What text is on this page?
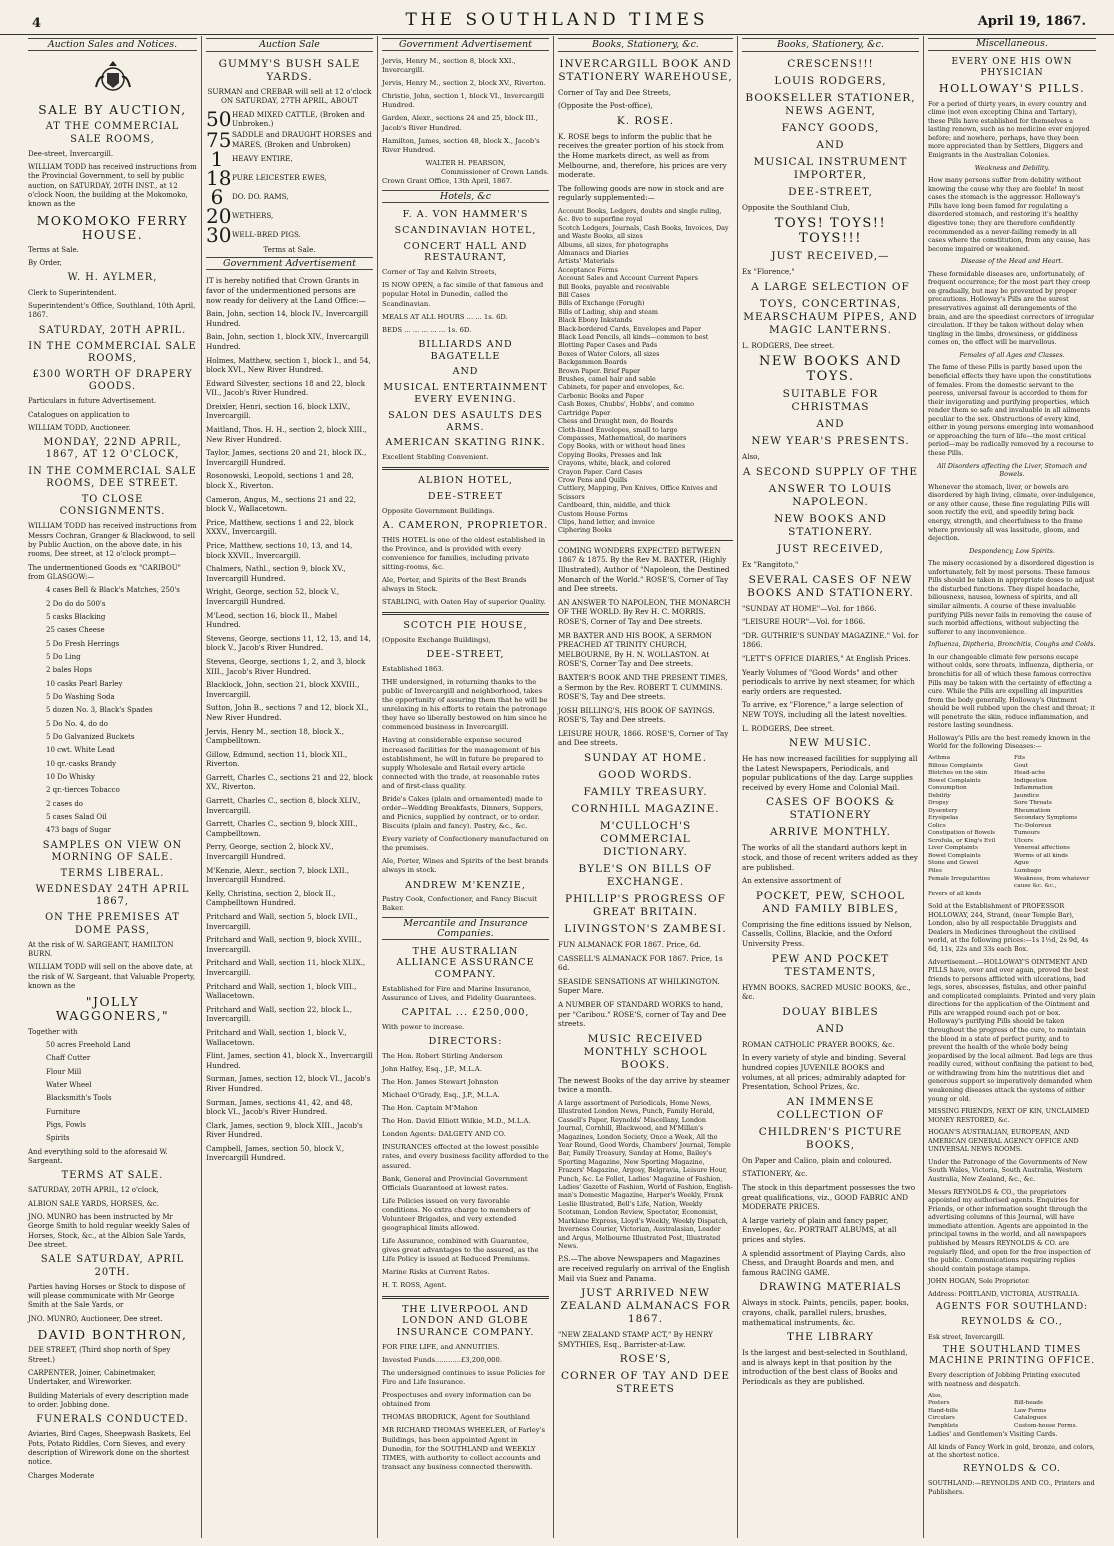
4	THE SOUTHLAND TIMES	April 19, 1867.
Auction Sales and Notices.
SALE BY AUCTION,
AT THE COMMERCIAL SALE ROOMS,
Dee-street, Invercargill.
WILLIAM TODD has received instructions from the Provincial Government, to sell by public auction, on SATURDAY, 20TH INST., at 12 o'clock Noon, the building at the Mokomoko, known as the
MOKOMOKO FERRY HOUSE.
Terms at Sale.
By Order,
W. H. AYLMER,
Clerk to Superintendent.
Superintendent's Office, Southland, 10th April, 1867.
SATURDAY, 20TH APRIL.
IN THE COMMERCIAL SALE ROOMS,
£300 WORTH OF DRAPERY GOODS.
Particulars in future Advertisement.
Catalogues on application to
WILLIAM TODD, Auctioneer.
MONDAY, 22ND APRIL, 1867, AT 12 O'CLOCK,
IN THE COMMERCIAL SALE ROOMS, DEE STREET.
TO CLOSE CONSIGNMENTS.
WILLIAM TODD has received instructions from Messrs Cochran, Granger & Blackwood, to sell by Public Auction, on the above date, in his rooms, Dee street, at 12 o'clock prompt—
The undermentioned Goods ex "CARIBOU" from GLASGOW:—
4 cases Bell & Black's Matches, 250's
2 Do do do 500's
5 casks Blacking
25 cases Cheese
5 Do Fresh Herrings
5 Do Ling
2 bales Hops
10 casks Pearl Barley
5 Do Washing Soda
5 dozen No. 3, Black's Spades
5 Do No. 4, do do
5 Do Galvanized Buckets
10 cwt. White Lead
10 qr.-casks Brandy
10 Do Whisky
2 qr.-tierces Tobacco
2 cases do
5 cases Salad Oil
473 bags of Sugar
SAMPLES ON VIEW ON MORNING OF SALE.
TERMS LIBERAL.
WEDNESDAY 24TH APRIL 1867,
ON THE PREMISES AT DOME PASS,
At the risk of W. SARGEANT, HAMILTON BURN.
WILLIAM TODD will sell on the above date, at the risk of W. Sargeant, that Valuable Property, known as the
"JOLLY WAGGONERS,"
Together with
50 acres Freehold Land
Chaff Cutter
Flour Mill
Water Wheel
Blacksmith's Tools
Furniture
Pigs, Fowls
Spirits
And everything sold to the aforesaid W. Sargeant.
TERMS AT SALE.
SATURDAY, 20TH APRIL, 12 o'clock,
ALBION SALE YARDS, HORSES, &c.
JNO. MUNRO has been instructed by Mr George Smith to hold regular weekly Sales of Horses, Stock, &c., at the Albion Sale Yards, Dee street.
SALE SATURDAY, APRIL 20TH.
Parties having Horses or Stock to dispose of will please communicate with Mr George Smith at the Sale Yards, or
JNO. MUNRO, Auctioneer, Dee street.
DAVID BONTHRON,
DEE STREET, (Third shop north of Spey Street.)
CARPENTER, Joiner, Cabinetmaker, Undertaker, and Wireworker.
Building Materials of every description made to order. Jobbing done.
FUNERALS CONDUCTED.
Aviaries, Bird Cages, Sheepwash Baskets, Eel Pots, Potato Riddles, Corn Sieves, and every description of Wirework done on the shortest notice.
Charges Moderate
Auction Sale
GUMMY'S BUSH SALE YARDS.
SURMAN and CREBAR will sell at 12 o'clock ON SATURDAY, 27TH APRIL, ABOUT
50 HEAD MIXED CATTLE, (Broken and Unbroken.)
75 SADDLE and DRAUGHT HORSES and MARES, (Broken and Unbroken)
1	HEAVY ENTIRE,
18 PURE LEICESTER EWES,
6	DO. DO. RAMS,
20 WETHERS,
30 WELL-BRED PIGS.
Terms at Sale.
Government Advertisement
IT is hereby notified that Crown Grants in favor of the undermentioned persons are now ready for delivery at the Land Office:—
Bain, John, section 14, block IV., Invercargill Hundred.
Bain, John, section 1, block XIV., Invercargill Hundred.
Holmes, Matthew, section 1, block I., and 54, block XVI., New River Hundred.
Edward Silvester, sections 18 and 22, block VII., Jacob's River Hundred.
Dreixler, Henri, section 16, block LXIV., Invercargill.
Maitland, Thos. H. H., section 2, block XIII., New River Hundred.
Taylor, James, sections 20 and 21, block IX., Invercargill Hundred.
Rosonowski, Leopold, sections 1 and 28, block X., Riverton.
Cameron, Angus, M., sections 21 and 22, block V., Wallacetown.
Price, Matthew, sections 1 and 22, block XXXV., Invercargill.
Price, Matthew, sections 10, 13, and 14, block XXVII., Invercargill.
Chalmers, Nathl., section 9, block XV., Invercargill Hundred.
Wright, George, section 52, block V., Invercargill Hundred.
M'Leod, section 16, block II., Mabel Hundred.
Stevens, George, sections 11, 12, 13, and 14, block V., Jacob's River Hundred.
Stevens, George, sections 1, 2, and 3, block XIII., Jacob's River Hundred.
Blacklock, John, section 21, block XXVIII., Invercargill.
Sutton, John B., sections 7 and 12, block XI., New River Hundred.
Jervis, Henry M., section 18, block X., Campbelltown.
Gillow, Edmund, section 11, block XII., Riverton.
Garrett, Charles C., sections 21 and 22, block XV., Riverton.
Garrett, Charles C., section 8, block XLIV., Invercargill.
Garrett, Charles C., section 9, block XIII., Campbelltown.
Perry, George, section 2, block XV., Invercargill Hundred.
M'Kenzie, Alexr., section 7, block LXII., Invercargill Hundred.
Kelly, Christina, section 2, block II., Campbelltown Hundred.
Pritchard and Wall, section 5, block LVII., Invercargill.
Pritchard and Wall, section 9, block XVIII., Invercargill.
Pritchard and Wall, section 11, block XLIX., Invercargill.
Pritchard and Wall, section 1, block VIII., Wallacetown.
Pritchard and Wall, section 22, block L., Invercargill.
Pritchard and Wall, section 1, block V., Wallacetown.
Flint, James, section 41, block X., Invercargill Hundred.
Surman, James, section 12, block VI., Jacob's River Hundred.
Surman, James, sections 41, 42, and 48, block VI., Jacob's River Hundred.
Clark, James, section 9, block XIII., Jacob's River Hundred.
Campbell, James, section 50, block V., Invercargill Hundred.
Government Advertisement
Jervis, Henry M., section 8, block XXI., Invercargill.
Jervis, Henry M., section 2, block XV., Riverton.
Christie, John, section 1, block VI., Invercargill Hundred.
Garden, Alexr., sections 24 and 25, block III., Jacob's River Hundred.
Hamilton, James, section 48, block X., Jacob's River Hundred.
WALTER H. PEARSON,
Commissioner of Crown Lands.
Crown Grant Office, 13th April, 1867.
Hotels, &c
F. A. VON HAMMER'S
SCANDINAVIAN HOTEL,
CONCERT HALL AND RESTAURANT,
Corner of Tay and Kelvin Streets,
IS NOW OPEN, a fac simile of that famous and popular Hotel in Dunedin, called the Scandinavian.
MEALS AT ALL HOURS ... ... 1s. 6D.
BEDS ... ... ... ... ... 1s. 6D.
BILLIARDS AND BAGATELLE
AND
MUSICAL ENTERTAINMENT EVERY EVENING.
SALON DES ASAULTS DES ARMS.
AMERICAN SKATING RINK.
Excellent Stabling Convenient.
ALBION HOTEL,
DEE-STREET
Opposite Government Buildings.
A. CAMERON, PROPRIETOR.
THIS HOTEL is one of the oldest established in the Province, and is provided with every convenience for families, including private sitting-rooms, &c.
Ale, Porter, and Spirits of the Best Brands always in Stock.
STABLING, with Oaten Hay of superior Quality.
SCOTCH PIE HOUSE,
(Opposite Exchange Buildings),
DEE-STREET,
Established 1863.
THE undersigned, in returning thanks to the public of Invercargill and neighborhood, takes the opportunity of assuring them that he will be unrelaxing in his efforts to retain the patronage they have so liberally bestowed on him since he commenced business in Invercargill.
Having at considerable expense secured increased facilities for the management of his establishment, he will in future be prepared to supply Wholesale and Retail every article connected with the trade, at reasonable rates and of first-class quality.
Bride's Cakes (plain and ornamented) made to order—Wedding Breakfasts, Dinners, Suppers, and Picnics, supplied by contract, or to order. Biscuits (plain and fancy). Pastry, &c., &c.
Every variety of Confectionery manufactured on the premises.
Ale, Porter, Wines and Spirits of the best brands always in stock.
ANDREW M'KENZIE,
Pastry Cook, Confectioner, and Fancy Biscuit Baker.
Mercantile and Insurance Companies.
THE AUSTRALIAN ALLIANCE ASSURANCE COMPANY.
Established for Fire and Marine Insurance, Assurance of Lives, and Fidelity Guarantees.
CAPITAL ... £250,000,
With power to increase.
DIRECTORS:
The Hon. Robert Stirling Anderson
John Halfey, Esq., J.P., M.L.A.
The Hon. James Stewart Johnston
Michael O'Grady, Esq., J.P., M.L.A.
The Hon. Captain M'Mahon
The Hon. David Elliott Wilkie, M.D., M.L.A.
London Agents: DALGETY AND CO.
INSURANCES effected at the lowest possible rates, and every business facility afforded to the assured.
Bank, General and Provincial Government Officials Guaranteed at lowest rates.
Life Policies issued on very favorable conditions. No extra charge to members of Volunteer Brigades, and very extended geographical limits allowed.
Life Assurance, combined with Guarantee, gives great advantages to the assured, as the Life Policy is issued at Reduced Premiums.
Marine Risks at Current Rates.
H. T. ROSS, Agent.
THE LIVERPOOL AND LONDON AND GLOBE INSURANCE COMPANY.
FOR FIRE LIFE, and ANNUITIES.
Invested Funds............£3,200,000.
The undersigned continues to issue Policies for Fire and Life Insurance.
Prospectuses and every information can be obtained from
THOMAS BRODRICK, Agent for Southland
MR RICHARD THOMAS WHEELER, of Farley's Buildings, has been appointed Agent in Dunedin, for the SOUTHLAND and WEEKLY TIMES, with authority to collect accounts and transact any business connected therewith.
Books, Stationery, &c.
INVERCARGILL BOOK AND STATIONERY WAREHOUSE,
Corner of Tay and Dee Streets,
(Opposite the Post-office),
K. ROSE.
K. ROSE begs to inform the public that he receives the greater portion of his stock from the Home markets direct, as well as from Melbourne, and, therefore, his prices are very moderate.
The following goods are now in stock and are regularly supplemented:—
Account Books, Ledgers, doubts and single ruling, &c. 8vo to superfine royal
Scotch Ledgers, Journals, Cash Books, Invoices, Day and Waste Books, all sizes
Albums, all sizes, for photographs
Almanacs and Diaries
Artists' Materials
Acceptance Forms
Account Sales and Account Current Papers
Bill Books, payable and receivable
Bill Cases
Bills of Exchange (Forugh)
Bills of Lading, ship and steam
Black Ebony Inkstands
Black-bordered Cards, Envelopes and Paper
Black Lead Pencils, all kinds—common to best
Blotting Paper Cases and Pads
Boxes of Water Colors, all sizes
Backgammon Boards
Brown Paper. Brief Paper
Brushes, camel hair and sable
Cabinets, for paper and envelopes, &c.
Carbonic Books and Paper
Cash Boxes, Chubbs', Hobbs', and commo
Cartridge Paper
Chess and Draught men, do Boards
Cloth-lined Envelopes, small to large
Compasses, Mathematical, do mariners
Copy Books, with or without head lines
Copying Books, Presses and Ink
Crayons, white, black, and colored
Crayon Paper. Card Cases
Crow Pens and Quills
Cuttlery, Mapping, Pen Knives, Office Knives and Scissors
Cardboard, thin, middle, and thick
Custom House Forms
Clips, hand letter, and invoice
Ciphering Books
COMING WONDERS EXPECTED BETWEEN 1867 & 1875. By the Rev M. BAXTER, (Highly Illustrated), Author of "Napoleon, the Destined Monarch of the World." ROSE'S, Corner of Tay and Dee streets.
AN ANSWER TO NAPOLEON, THE MONARCH OF THE WORLD. By Rev H. C. MORRIS. ROSE'S, Corner of Tay and Dee streets.
MR BAXTER AND HIS BOOK, A SERMON PREACHED AT TRINITY CHURCH, MELBOURNE, By H. N. WOLLASTON. At ROSE'S, Corner Tay and Dee streets.
BAXTER'S BOOK AND THE PRESENT TIMES, a Sermon by the Rev. ROBERT T. CUMMINS. ROSE'S, Tay and Dee streets.
JOSH BILLING'S, HIS BOOK OF SAYINGS. ROSE'S, Tay and Dee streets.
LEISURE HOUR, 1866. ROSE'S, Corner of Tay and Dee streets.
SUNDAY AT HOME.
GOOD WORDS.
FAMILY TREASURY.
CORNHILL MAGAZINE.
M'CULLOCH'S COMMERCIAL DICTIONARY.
BYLE'S ON BILLS OF EXCHANGE.
PHILLIP'S PROGRESS OF GREAT BRITAIN.
LIVINGSTON'S ZAMBESI.
FUN ALMANACK FOR 1867. Price, 6d.
CASSELL'S ALMANACK FOR 1867. Price, 1s 6d.
SEASIDE SENSATIONS AT WHILKINGTON. Super Mare.
A NUMBER OF STANDARD WORKS to hand, per "Caribou." ROSE'S, corner of Tay and Dee streets.
MUSIC RECEIVED MONTHLY SCHOOL BOOKS.
The newest Books of the day arrive by steamer twice a month.
A large assortment of Periodicals, Home News, Illustrated London News, Punch, Family Herald, Cassell's Paper, Reynolds' Miscellany, London Journal, Cornhill, Blackwood, and M'Millan's Magazines, London Society, Once a Week, All the Year Round, Good Words, Chambers' Journal, Temple Bar, Family Treasury, Sunday at Home, Bailey's Sporting Magazine, New Sporting Magazine, Frazers' Magazine, Argosy, Belgravia, Leisure Hour, Punch, &c. Le Follet, Ladies' Magazine of Fashion, Ladies' Gazette of Fashion, World of Fashion, English-man's Domestic Magazine, Harper's Weekly, Frank Leslie Illustrated, Bell's Life, Nation, Weekly Scotsman, London Review, Spectator, Economist, Marklane Express, Lloyd's Weekly, Weekly Dispatch, Inverness Courier, Victorian, Australasian, Leader and Argus, Melbourne Illustrated Post, Illustrated News.
P.S.—The above Newspapers and Magazines are received regularly on arrival of the English Mail via Suez and Panama.
JUST ARRIVED NEW ZEALAND ALMANACS FOR 1867.
"NEW ZEALAND STAMP ACT," By HENRY SMYTHIES, Esq., Barrister-at-Law.
ROSE'S,
CORNER OF TAY AND DEE STREETS
Books, Stationery, &c.
CRESCENS!!!
LOUIS RODGERS,
BOOKSELLER STATIONER, NEWS AGENT,
FANCY GOODS,
AND
MUSICAL INSTRUMENT IMPORTER,
DEE-STREET,
Opposite the Southland Club,
TOYS! TOYS!! TOYS!!!
JUST RECEIVED,—
Ex "Florence,"
A LARGE SELECTION OF
TOYS, CONCERTINAS, MEARSCHAUM PIPES, AND MAGIC LANTERNS.
L. RODGERS, Dee street.
NEW BOOKS AND TOYS.
SUITABLE FOR CHRISTMAS
AND
NEW YEAR'S PRESENTS.
Also,
A SECOND SUPPLY OF THE
ANSWER TO LOUIS NAPOLEON.
NEW BOOKS AND STATIONERY.
JUST RECEIVED,
Ex "Rangitoto,"
SEVERAL CASES OF NEW BOOKS AND STATIONERY.
"SUNDAY AT HOME"—Vol. for 1866.
"LEISURE HOUR"—Vol. for 1866.
"DR. GUTHRIE'S SUNDAY MAGAZINE." Vol. for 1866.
"LETT'S OFFICE DIARIES," At English Prices.
Yearly Volumes of "Good Words" and other periodicals to arrive by next steamer, for which early orders are requested.
To arrive, ex "Florence," a large selection of NEW TOYS, including all the latest novelties.
L. RODGERS, Dee street.
NEW MUSIC.
He has now increased facilities for supplying all the Latest Newspapers, Periodicals, and popular publications of the day. Large supplies received by every Home and Colonial Mail.
CASES OF BOOKS & STATIONERY
ARRIVE MONTHLY.
The works of all the standard authors kept in stock, and those of recent writers added as they are published.
An extensive assortment of
POCKET, PEW, SCHOOL AND FAMILY BIBLES,
Comprising the fine editions issued by Nelson, Cassells, Collins, Blackie, and the Oxford University Press.
PEW AND POCKET TESTAMENTS,
HYMN BOOKS, SACRED MUSIC BOOKS, &c., &c.
DOUAY BIBLES
AND
ROMAN CATHOLIC PRAYER BOOKS, &c.
In every variety of style and binding. Several hundred copies JUVENILE BOOKS and volumes, at all prices; admirably adapted for Presentation, School Prizes, &c.
AN IMMENSE COLLECTION OF
CHILDREN'S PICTURE BOOKS,
On Paper and Calico, plain and coloured.
STATIONERY, &c.
The stock in this department possesses the two great qualifications, viz., GOOD FABRIC AND MODERATE PRICES.
A large variety of plain and fancy paper, Envelopes, &c. PORTRAIT ALBUMS, at all prices and styles.
A splendid assortment of Playing Cards, also Chess, and Draught Boards and men, and famous RACING GAME.
DRAWING MATERIALS
Always in stock. Paints, pencils, paper, books, crayons, chalk, parallel rulers, brushes, mathematical instruments, &c.
THE LIBRARY
Is the largest and best-selected in Southland, and is always kept in that position by the introduction of the best class of Books and Periodicals as they are published.
Miscellaneous.
EVERY ONE HIS OWN PHYSICIAN
HOLLOWAY'S PILLS.
For a period of thirty years, in every country and clime (not even excepting China and Tartary), these Pills have established for themselves a lasting renown, such as no medicine ever enjoyed before; and nowhere, perhaps, have they been more appreciated than by Settlers, Diggers and Emigrants in the Australian Colonies.
Weakness and Debility.
How many persons suffer from debility without knowing the cause why they are feeble! In most cases the stomach is the aggressor. Holloway's Pills have long been famed for regulating a disordered stomach, and restoring it's healthy digestive tone; they are therefore confidently recommended as a never-failing remedy in all cases where the constitution, from any cause, has become impaired or weakened.
Disease of the Head and Heart.
These formidable diseases are, unfortunately, of frequent occurrence; for the most part they creep on gradually, but may be prevented by proper precautions. Holloway's Pills are the surest preservatives against all derangements of the brain, and are the speediest correctors of irregular circulation. If they be taken without delay when tingling in the limbs, drowsiness, or giddiness comes on, the effect will be marvellous.
Females of all Ages and Classes.
The fame of these Pills is partly based upon the beneficial effects they have upon the constitutions of females. From the domestic servant to the peeress, universal favour is accorded to them for their invigorating and purifying properties, which render them so safe and invaluable in all ailments peculiar to the sex. Obstructions of every kind, either in young persons emerging into womanhood or approaching the turn of life—the most critical period—may be radically removed by a recourse to these Pills.
All Disorders affecting the Liver, Stomach and Bowels.
Whenever the stomach, liver, or bowels are disordered by high living, climate, over-indulgence, or any other cause, these fine regulating Pills will soon rectify the evil, and speedily bring back energy, strength, and cheerfulness to the frame where previously all was lassitude, gloom, and dejection.
Despondency, Low Spirits.
The misery occasioned by a disordered digestion is unfortunately, felt by most persons. These famous Pills should be taken in appropriate doses to adjust the disturbed functions. They dispel headache, biliousness, nausea, lowness of spirits, and all similar ailments. A course of these invaluable purifying Pills never fails in removing the cause of such morbid affections, without subjecting the sufferer to any inconvenience.
Influenza, Diptheria, Bronchitis, Coughs and Colds.
In our changeable climate few persons escape without colds, sore throats, influenza, diptheria, or bronchitis for all of which these famous corrective Pills may be taken with the certainty of effecting a cure. While the Pills are expelling all impurities from the body generally, Holloway's Ointment should be well rubbed upon the chest and throat; it will penetrate the skin, reduce inflammation, and restore lasting soundness.
Holloway's Pills are the best remedy known in the World for the following Diseases:—
Asthma	Fits
Bilious Complaints	Gout
Blotches on the skin	Head-ache
Bowel Complaints	Indigestion
Consumption	Inflammation
Debility	Jaundice
Dropsy	Sore Throats
Dysentery	Rheumatism
Erysipelas	Secondary Symptoms
Colics	Tic-Doloreux
Constipation of Bowels	Tumours
Scrofula, or King's Evil	Ulcers
Liver Complaints	Venereal affections
Bowel Complaints	Worms of all kinds
Stone and Gravel	Ague
Piles	Lumbago
Female Irregularities	Weakness, from whatever cause &c. &c.,
Fevers of all kinds
Sold at the Establishment of PROFESSOR HOLLOWAY, 244, Strand, (near Temple Bar), London, also by all respectable Druggists and Dealers in Medicines throughout the civilised world, at the following prices:—1s 1½d, 2s 9d, 4s 6d, 11s, 22s and 33s each Box.
Advertisement.—HOLLOWAY'S OINTMENT AND PILLS have, over and over again, proved the best friends to persons afflicted with ulcerations, bad legs, sores, abscesses, fistulas, and other painful and complicated complaints. Printed and very plain directions for the application of the Ointment and Pills are wrapped round each pot or box. Holloway's purifying Pills should be taken throughout the progress of the cure, to maintain the blood in a state of perfect purity, and to prevent the health of the whole body being jeopardised by the local ailment. Bad legs are thus readily cured, without confining the patient to bed, or withdrawing from him the nutritious diet and generous support so imperatively demanded when weakening diseases attack the systems of either young or old.
MISSING FRIENDS, NEXT OF KIN, UNCLAIMED MONEY RESTORED, &c.
HOGAN'S AUSTRALIAN, EUROPEAN, AND AMERICAN GENERAL AGENCY OFFICE AND UNIVERSAL NEWS ROOMS.
Under the Patronage of the Governments of New South Wales, Victoria, South Australia, Western Australia, New Zealand, &c., &c.
Messrs REYNOLDS & CO., the proprietors appointed my authorised agents. Enquiries for Friends, or other information sought through the advertising columns of this Journal, will have immediate attention. Agents are appointed in the principal towns in the world, and all newspapers published by Messrs REYNOLDS & CO. are regularly filed, and open for the free inspection of the public. Communications requiring replies should contain postage stamps.
JOHN HOGAN, Sole Proprietor.
Address: PORTLAND, VICTORIA, AUSTRALIA.
AGENTS FOR SOUTHLAND:
REYNOLDS & CO.,
Esk street, Invercargill.
THE SOUTHLAND TIMES MACHINE PRINTING OFFICE.
Every description of Jobbing Printing executed with neatness and despatch.
Also,
Posters	Bill-heads
Hand-bills	Law Forms
Circulars	Catalogues
Pamphlets	Custom-house Forms.
Ladies' and Gentlemen's Visiting Cards.
All kinds of Fancy Work in gold, bronze, and colors, at the shortest notice.
REYNOLDS & CO.
SOUTHLAND:—REYNOLDS AND CO., Printers and Publishers.
